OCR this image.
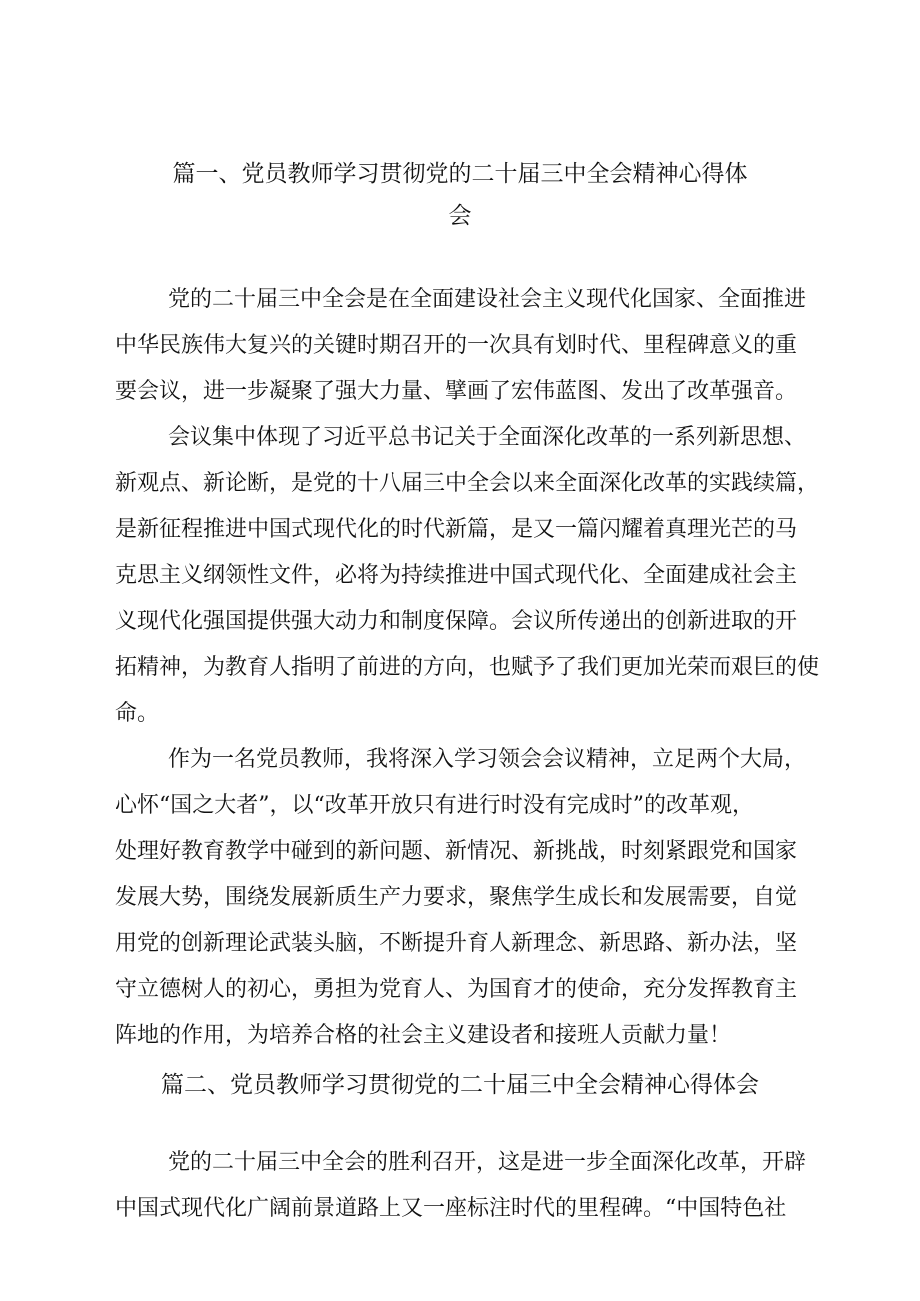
篇一、党员教师学习贯彻党的二十届三中全会精神心得体
会

党的二十届三中全会是在全面建设社会主义现代化国家、全面推进

中华民族伟大复兴的关键时期召开的一次具有划时代、里程碑意义的重

要会议，进一步凝聚了强大力量、擘画了宏伟蓝图、发出了改革强音。

会议集中体现了习近平总书记关于全面深化改革的一系列新思想、

新观点、新论断，是党的十八届三中全会以来全面深化改革的实践续篇，

是新征程推进中国式现代化的时代新篇，是又一篇闪耀着真理光芒的马

克思主义纲领性文件，必将为持续推进中国式现代化、全面建成社会主

义现代化强国提供强大动力和制度保障。会议所传递出的创新进取的开

拓精神，为教育人指明了前进的方向，也赋予了我们更加光荣而艰巨的使

命。

作为一名党员教师，我将深入学习领会会议精神，立足两个大局，

心怀“国之大者”，以“改革开放只有进行时没有完成时”的改革观，

处理好教育教学中碰到的新问题、新情况、新挑战，时刻紧跟党和国家

发展大势，围绕发展新质生产力要求，聚焦学生成长和发展需要，自觉

用党的创新理论武装头脑，不断提升育人新理念、新思路、新办法，坚

守立德树人的初心，勇担为党育人、为国育才的使命，充分发挥教育主

阵地的作用，为培养合格的社会主义建设者和接班人贡献力量！

篇二、党员教师学习贯彻党的二十届三中全会精神心得体会

党的二十届三中全会的胜利召开，这是进一步全面深化改革，开辟

中国式现代化广阔前景道路上又一座标注时代的里程碑。“中国特色社
